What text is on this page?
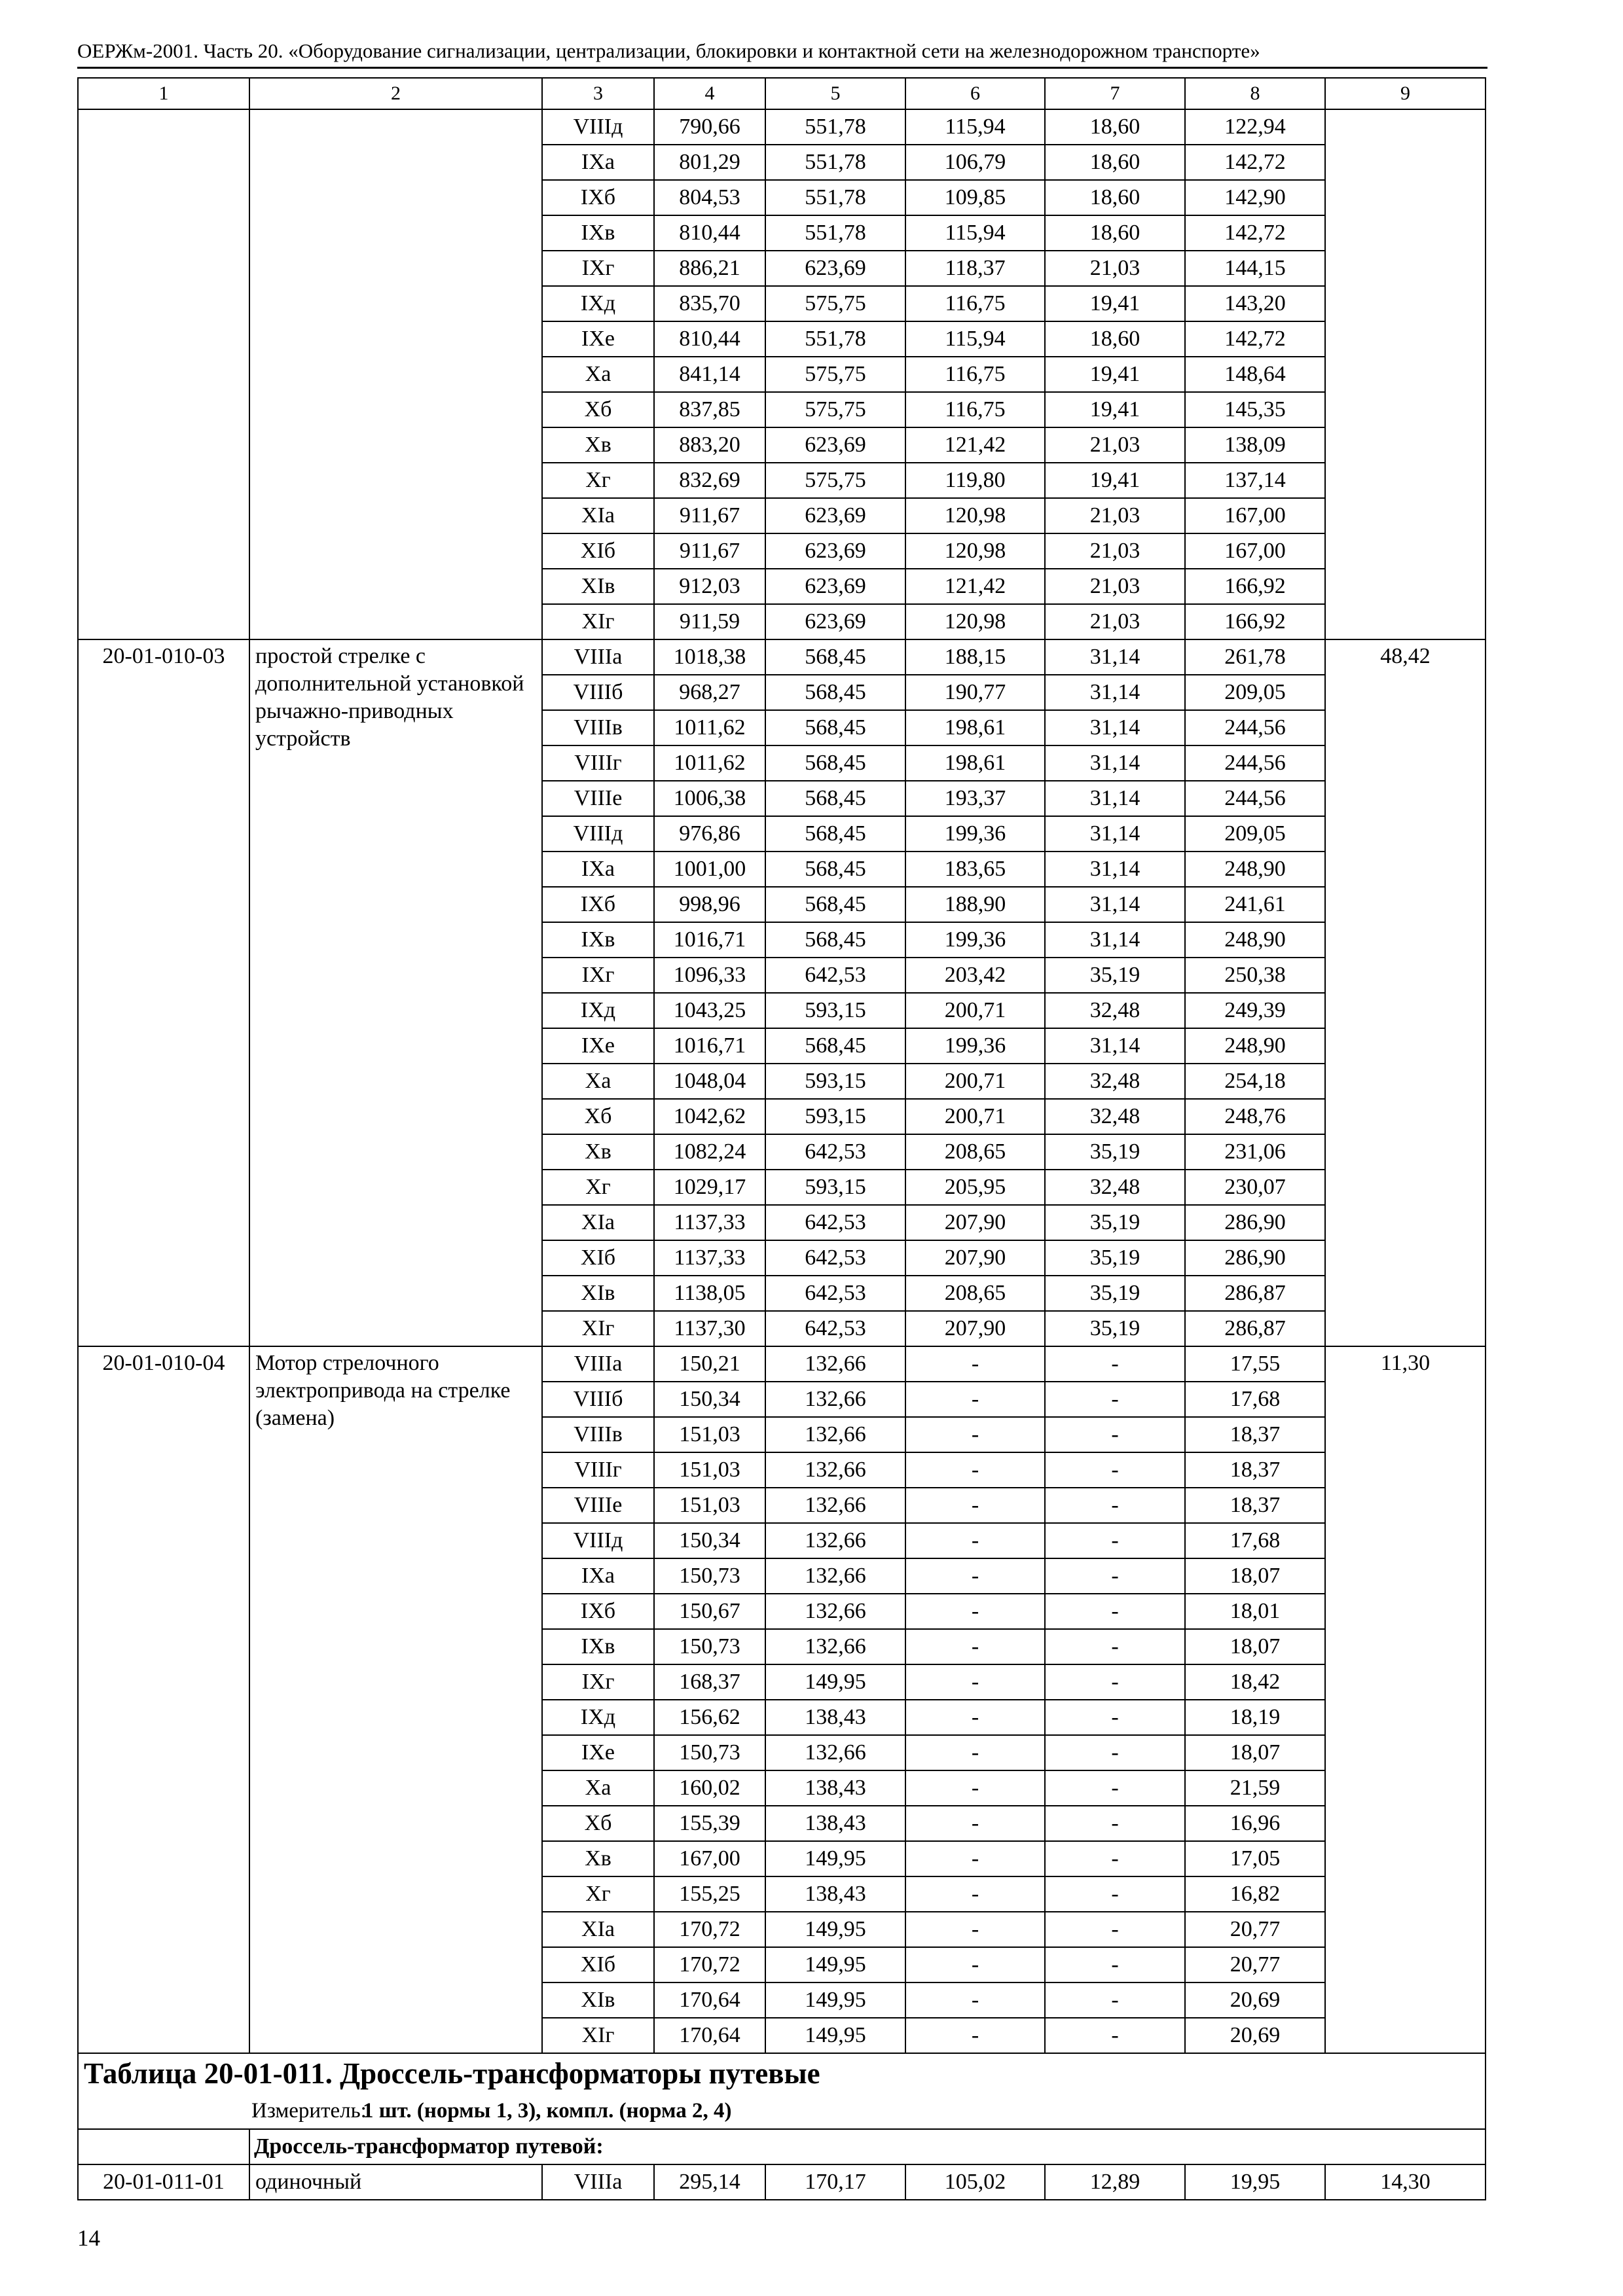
ОЕРЖм-2001. Часть 20. «Оборудование сигнализации, централизации, блокировки и контактной сети на железнодорожном транспорте»
1	2	3	4	5	6	7	8	9
		VIIIд	790,66	551,78	115,94	18,60	122,94	
		IXа	801,29	551,78	106,79	18,60	142,72	
		IXб	804,53	551,78	109,85	18,60	142,90	
		IXв	810,44	551,78	115,94	18,60	142,72	
		IXг	886,21	623,69	118,37	21,03	144,15	
		IXд	835,70	575,75	116,75	19,41	143,20	
		IXе	810,44	551,78	115,94	18,60	142,72	
		Xа	841,14	575,75	116,75	19,41	148,64	
		Xб	837,85	575,75	116,75	19,41	145,35	
		Xв	883,20	623,69	121,42	21,03	138,09	
		Xг	832,69	575,75	119,80	19,41	137,14	
		XIа	911,67	623,69	120,98	21,03	167,00	
		XIб	911,67	623,69	120,98	21,03	167,00	
		XIв	912,03	623,69	121,42	21,03	166,92	
		XIг	911,59	623,69	120,98	21,03	166,92	
20-01-010-03	простой стрелке с дополнительной установкой рычажно-приводных устройств	VIIIа	1018,38	568,45	188,15	31,14	261,78	48,42
		VIIIб	968,27	568,45	190,77	31,14	209,05	
		VIIIв	1011,62	568,45	198,61	31,14	244,56	
		VIIIг	1011,62	568,45	198,61	31,14	244,56	
		VIIIе	1006,38	568,45	193,37	31,14	244,56	
		VIIIд	976,86	568,45	199,36	31,14	209,05	
		IXа	1001,00	568,45	183,65	31,14	248,90	
		IXб	998,96	568,45	188,90	31,14	241,61	
		IXв	1016,71	568,45	199,36	31,14	248,90	
		IXг	1096,33	642,53	203,42	35,19	250,38	
		IXд	1043,25	593,15	200,71	32,48	249,39	
		IXе	1016,71	568,45	199,36	31,14	248,90	
		Xа	1048,04	593,15	200,71	32,48	254,18	
		Xб	1042,62	593,15	200,71	32,48	248,76	
		Xв	1082,24	642,53	208,65	35,19	231,06	
		Xг	1029,17	593,15	205,95	32,48	230,07	
		XIа	1137,33	642,53	207,90	35,19	286,90	
		XIб	1137,33	642,53	207,90	35,19	286,90	
		XIв	1138,05	642,53	208,65	35,19	286,87	
		XIг	1137,30	642,53	207,90	35,19	286,87	
20-01-010-04	Мотор стрелочного электропривода на стрелке (замена)	VIIIа	150,21	132,66	-	-	17,55	11,30
		VIIIб	150,34	132,66	-	-	17,68	
		VIIIв	151,03	132,66	-	-	18,37	
		VIIIг	151,03	132,66	-	-	18,37	
		VIIIе	151,03	132,66	-	-	18,37	
		VIIIд	150,34	132,66	-	-	17,68	
		IXа	150,73	132,66	-	-	18,07	
		IXб	150,67	132,66	-	-	18,01	
		IXв	150,73	132,66	-	-	18,07	
		IXг	168,37	149,95	-	-	18,42	
		IXд	156,62	138,43	-	-	18,19	
		IXе	150,73	132,66	-	-	18,07	
		Xа	160,02	138,43	-	-	21,59	
		Xб	155,39	138,43	-	-	16,96	
		Xв	167,00	149,95	-	-	17,05	
		Xг	155,25	138,43	-	-	16,82	
		XIа	170,72	149,95	-	-	20,77	
		XIб	170,72	149,95	-	-	20,77	
		XIв	170,64	149,95	-	-	20,69	
		XIг	170,64	149,95	-	-	20,69	
Таблица 20-01-011. Дроссель-трансформаторы путевые								
Измеритель:1 шт. (нормы 1, 3), компл. (норма 2, 4)								
	Дроссель-трансформатор путевой:							
20-01-011-01	одиночный	VIIIа	295,14	170,17	105,02	12,89	19,95	14,30
14
